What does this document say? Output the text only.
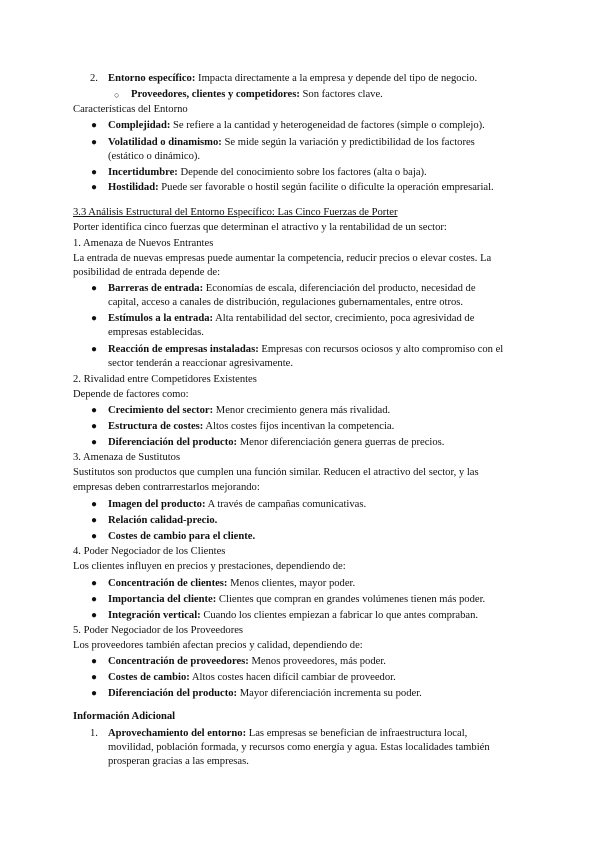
2. Entorno específico: Impacta directamente a la empresa y depende del tipo de negocio.
○ Proveedores, clientes y competidores: Son factores clave.
Características del Entorno
● Complejidad: Se refiere a la cantidad y heterogeneidad de factores (simple o complejo).
● Volatilidad o dinamismo: Se mide según la variación y predictibilidad de los factores
(estático o dinámico).
● Incertidumbre: Depende del conocimiento sobre los factores (alta o baja).
● Hostilidad: Puede ser favorable o hostil según facilite o dificulte la operación empresarial.
3.3 Análisis Estructural del Entorno Específico: Las Cinco Fuerzas de Porter
Porter identifica cinco fuerzas que determinan el atractivo y la rentabilidad de un sector:
1. Amenaza de Nuevos Entrantes
La entrada de nuevas empresas puede aumentar la competencia, reducir precios o elevar costes. La
posibilidad de entrada depende de:
● Barreras de entrada: Economías de escala, diferenciación del producto, necesidad de
capital, acceso a canales de distribución, regulaciones gubernamentales, entre otros.
● Estímulos a la entrada: Alta rentabilidad del sector, crecimiento, poca agresividad de
empresas establecidas.
● Reacción de empresas instaladas: Empresas con recursos ociosos y alto compromiso con el
sector tenderán a reaccionar agresivamente.
2. Rivalidad entre Competidores Existentes
Depende de factores como:
● Crecimiento del sector: Menor crecimiento genera más rivalidad.
● Estructura de costes: Altos costes fijos incentivan la competencia.
● Diferenciación del producto: Menor diferenciación genera guerras de precios.
3. Amenaza de Sustitutos
Sustitutos son productos que cumplen una función similar. Reducen el atractivo del sector, y las
empresas deben contrarrestarlos mejorando:
● Imagen del producto: A través de campañas comunicativas.
● Relación calidad-precio.
● Costes de cambio para el cliente.
4. Poder Negociador de los Clientes
Los clientes influyen en precios y prestaciones, dependiendo de:
● Concentración de clientes: Menos clientes, mayor poder.
● Importancia del cliente: Clientes que compran en grandes volúmenes tienen más poder.
● Integración vertical: Cuando los clientes empiezan a fabricar lo que antes compraban.
5. Poder Negociador de los Proveedores
Los proveedores también afectan precios y calidad, dependiendo de:
● Concentración de proveedores: Menos proveedores, más poder.
● Costes de cambio: Altos costes hacen difícil cambiar de proveedor.
● Diferenciación del producto: Mayor diferenciación incrementa su poder.
Información Adicional
1. Aprovechamiento del entorno: Las empresas se benefician de infraestructura local,
movilidad, población formada, y recursos como energía y agua. Estas localidades también
prosperan gracias a las empresas.
